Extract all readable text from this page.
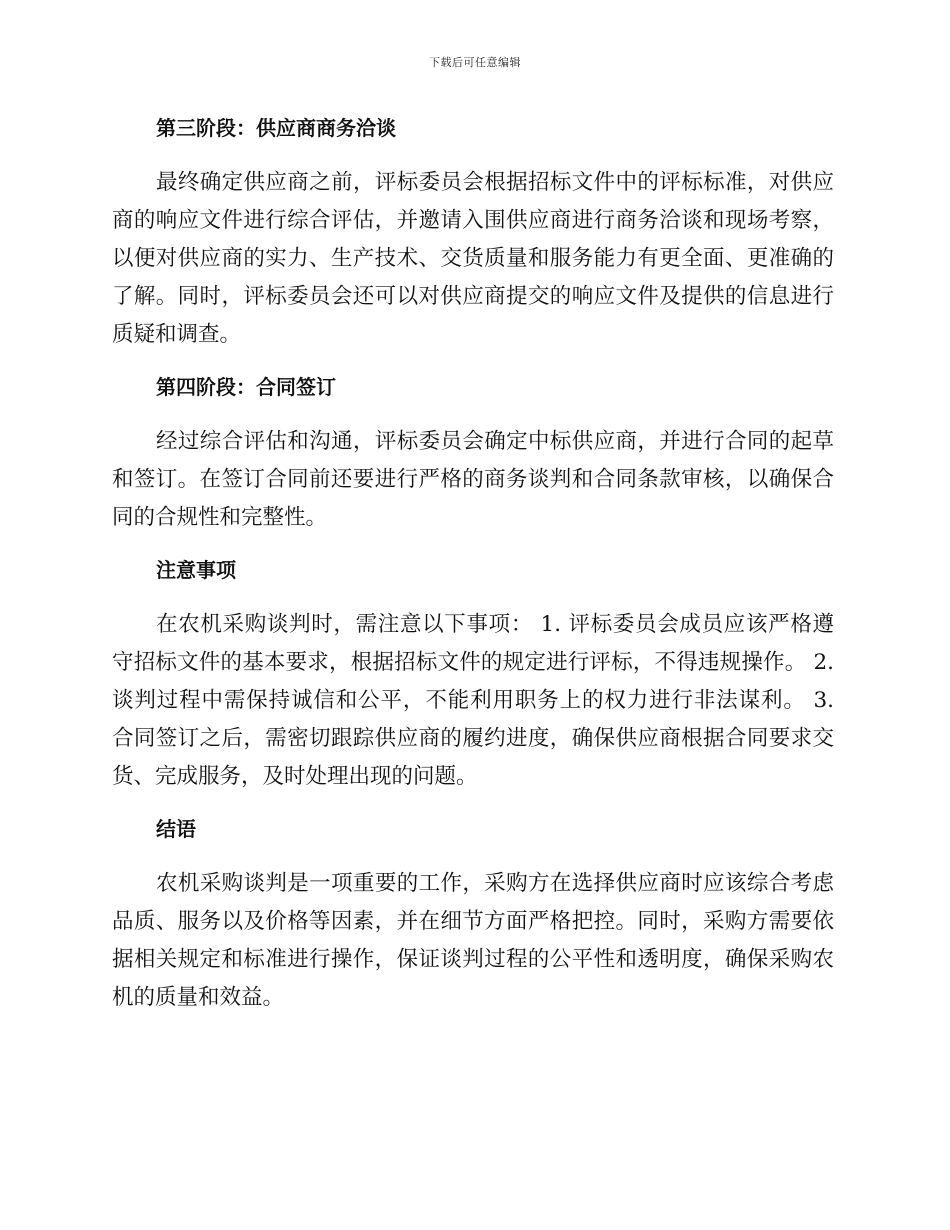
下载后可任意编辑
第三阶段：供应商商务洽谈

最终确定供应商之前，评标委员会根据招标文件中的评标标准，对供应商的响应文件进行综合评估，并邀请入围供应商进行商务洽谈和现场考察，以便对供应商的实力、生产技术、交货质量和服务能力有更全面、更准确的了解。同时，评标委员会还可以对供应商提交的响应文件及提供的信息进行质疑和调查。

第四阶段：合同签订

经过综合评估和沟通，评标委员会确定中标供应商，并进行合同的起草和签订。在签订合同前还要进行严格的商务谈判和合同条款审核，以确保合同的合规性和完整性。

注意事项

在农机采购谈判时，需注意以下事项： 1. 评标委员会成员应该严格遵守招标文件的基本要求，根据招标文件的规定进行评标，不得违规操作。 2. 谈判过程中需保持诚信和公平，不能利用职务上的权力进行非法谋利。 3. 合同签订之后，需密切跟踪供应商的履约进度，确保供应商根据合同要求交货、完成服务，及时处理出现的问题。

结语

农机采购谈判是一项重要的工作，采购方在选择供应商时应该综合考虑品质、服务以及价格等因素，并在细节方面严格把控。同时，采购方需要依据相关规定和标准进行操作，保证谈判过程的公平性和透明度，确保采购农机的质量和效益。
